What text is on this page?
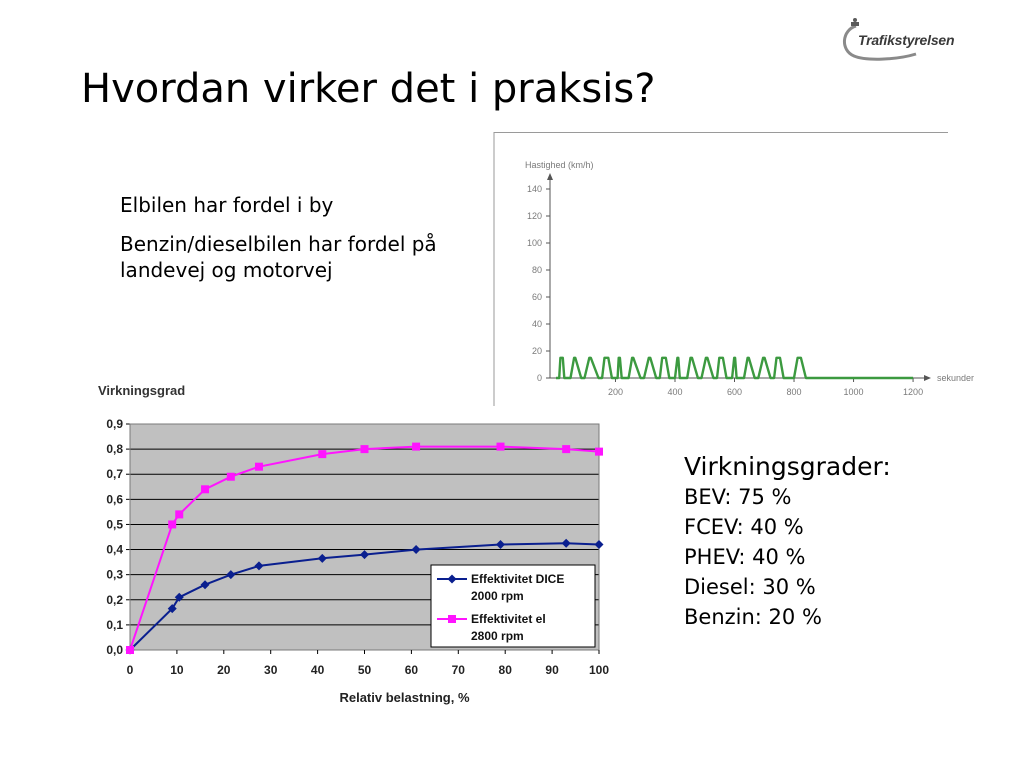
Trafikstyrelsen
Hvordan virker det i praksis?
Elbilen har fordel i by
Benzin/dieselbilen har fordel på landevej og motorvej
Hastighed (km/h)
sekunder
0
20
40
60
80
100
120
140
200	400	600	800	1000	1200
Virkningsgrad
0,0
0,1
0,2
0,3
0,4
0,5
0,6
0,7
0,8
0,9
0	10	20	30	40	50	60	70	80	90	100
Relativ belastning, %
Effektivitet DICE
2000 rpm
Effektivitet el
2800 rpm
Virkningsgrader:
BEV: 75 %
FCEV: 40 %
PHEV: 40 %
Diesel: 30 %
Benzin: 20 %
